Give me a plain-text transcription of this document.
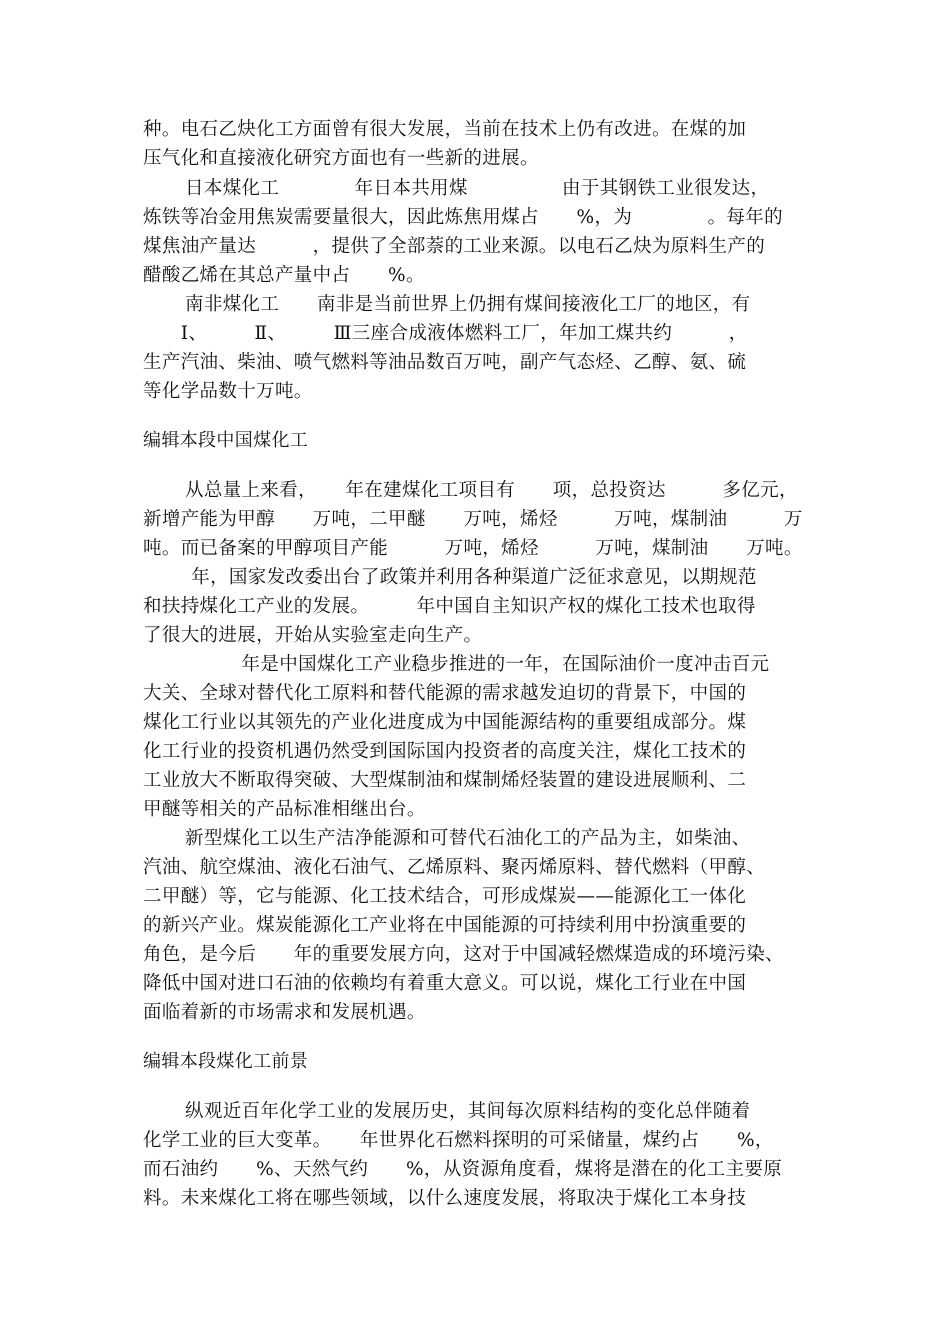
种。电石乙炔化工方面曾有很大发展，当前在技术上仍有改进。在煤的加
压气化和直接液化研究方面也有一些新的进展。
日本煤化工　　　　年日本共用煤　　　　　由于其钢铁工业很发达，
炼铁等冶金用焦炭需要量很大，因此炼焦用煤占　　%，为　　　　。每年的
煤焦油产量达　　　，提供了全部萘的工业来源。以电石乙炔为原料生产的
醋酸乙烯在其总产量中占　　%。
南非煤化工　　南非是当前世界上仍拥有煤间接液化工厂的地区，有
　　Ⅰ、　　　Ⅱ、　　　Ⅲ三座合成液体燃料工厂，年加工煤共约　　　，
生产汽油、柴油、喷气燃料等油品数百万吨，副产气态烃、乙醇、氨、硫
等化学品数十万吨。
编辑本段中国煤化工
从总量上来看，　　年在建煤化工项目有　　项，总投资达　　　多亿元，
新增产能为甲醇　　万吨，二甲醚　　万吨，烯烃　　　万吨，煤制油　　　万
吨。而已备案的甲醇项目产能　　　万吨，烯烃　　　万吨，煤制油　　万吨。
年，国家发改委出台了政策并利用各种渠道广泛征求意见，以期规范
和扶持煤化工产业的发展。　　　年中国自主知识产权的煤化工技术也取得
了很大的进展，开始从实验室走向生产。
　　　年是中国煤化工产业稳步推进的一年，在国际油价一度冲击百元
大关、全球对替代化工原料和替代能源的需求越发迫切的背景下，中国的
煤化工行业以其领先的产业化进度成为中国能源结构的重要组成部分。煤
化工行业的投资机遇仍然受到国际国内投资者的高度关注，煤化工技术的
工业放大不断取得突破、大型煤制油和煤制烯烃装置的建设进展顺利、二
甲醚等相关的产品标准相继出台。
新型煤化工以生产洁净能源和可替代石油化工的产品为主，如柴油、
汽油、航空煤油、液化石油气、乙烯原料、聚丙烯原料、替代燃料（甲醇、
二甲醚）等，它与能源、化工技术结合，可形成煤炭——能源化工一体化
的新兴产业。煤炭能源化工产业将在中国能源的可持续利用中扮演重要的
角色，是今后　　年的重要发展方向，这对于中国减轻燃煤造成的环境污染、
降低中国对进口石油的依赖均有着重大意义。可以说，煤化工行业在中国
面临着新的市场需求和发展机遇。
编辑本段煤化工前景
纵观近百年化学工业的发展历史，其间每次原料结构的变化总伴随着
化学工业的巨大变革。　　年世界化石燃料探明的可采储量，煤约占　　%，
而石油约　　%、天然气约　　%，从资源角度看，煤将是潜在的化工主要原
料。未来煤化工将在哪些领域，以什么速度发展，将取决于煤化工本身技
